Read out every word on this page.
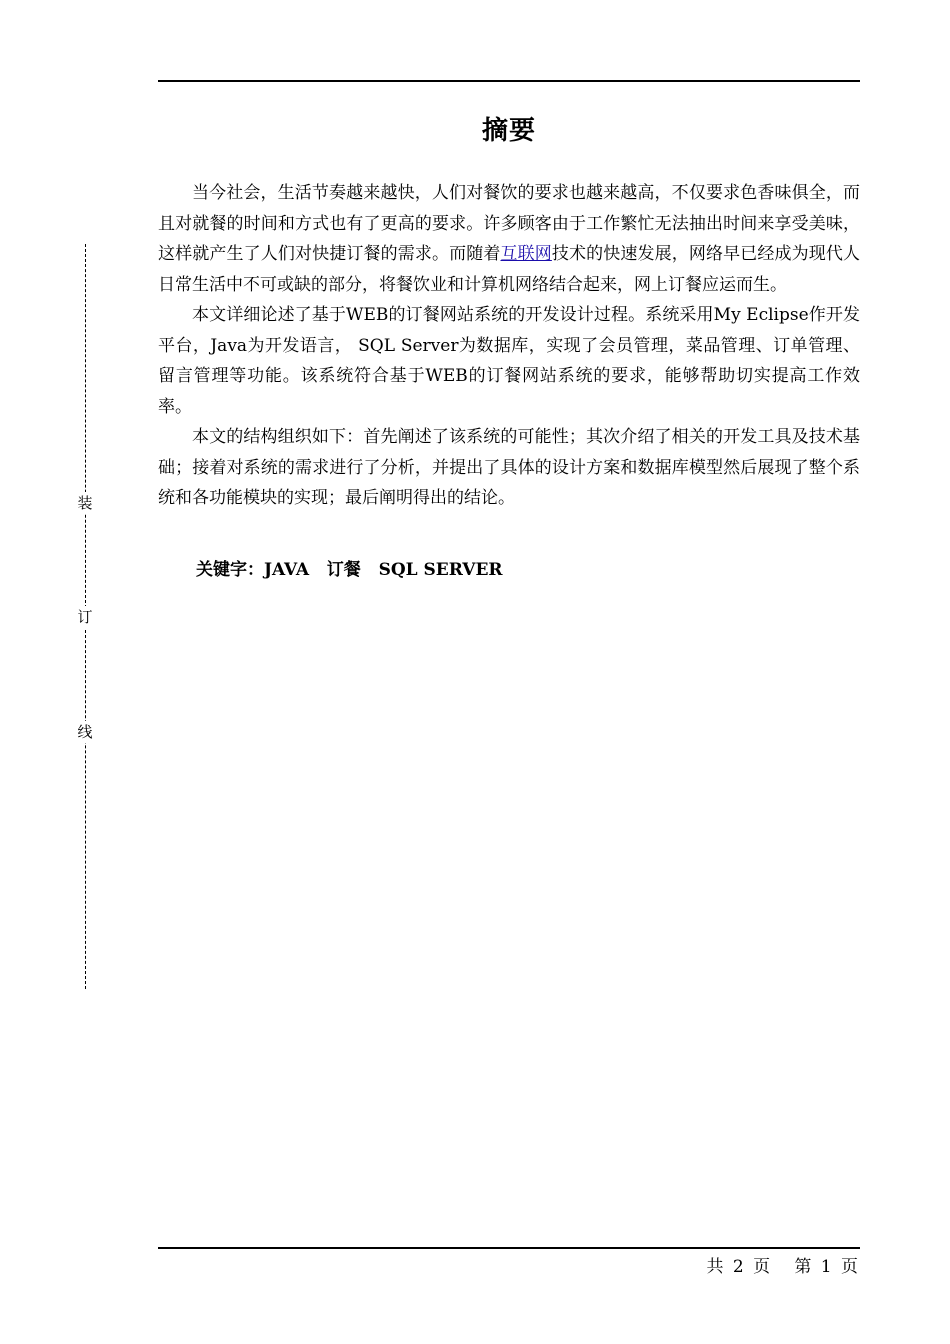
装
订
线
摘要

当今社会，生活节奏越来越快，人们对餐饮的要求也越来越高，不仅要求色香味俱全，而且对就餐的时间和方式也有了更高的要求。许多顾客由于工作繁忙无法抽出时间来享受美味，这样就产生了人们对快捷订餐的需求。而随着互联网技术的快速发展，网络早已经成为现代人日常生活中不可或缺的部分，将餐饮业和计算机网络结合起来，网上订餐应运而生。

本文详细论述了基于WEB的订餐网站系统的开发设计过程。系统采用My Eclipse作开发平台，Java为开发语言， SQL Server为数据库，实现了会员管理，菜品管理、订单管理、留言管理等功能。该系统符合基于WEB的订餐网站系统的要求，能够帮助切实提高工作效率。

本文的结构组织如下：首先阐述了该系统的可能性；其次介绍了相关的开发工具及技术基础；接着对系统的需求进行了分析，并提出了具体的设计方案和数据库模型然后展现了整个系统和各功能模块的实现；最后阐明得出的结论。

关键字：JAVA   订餐   SQL SERVER
共 2 页   第 1 页
